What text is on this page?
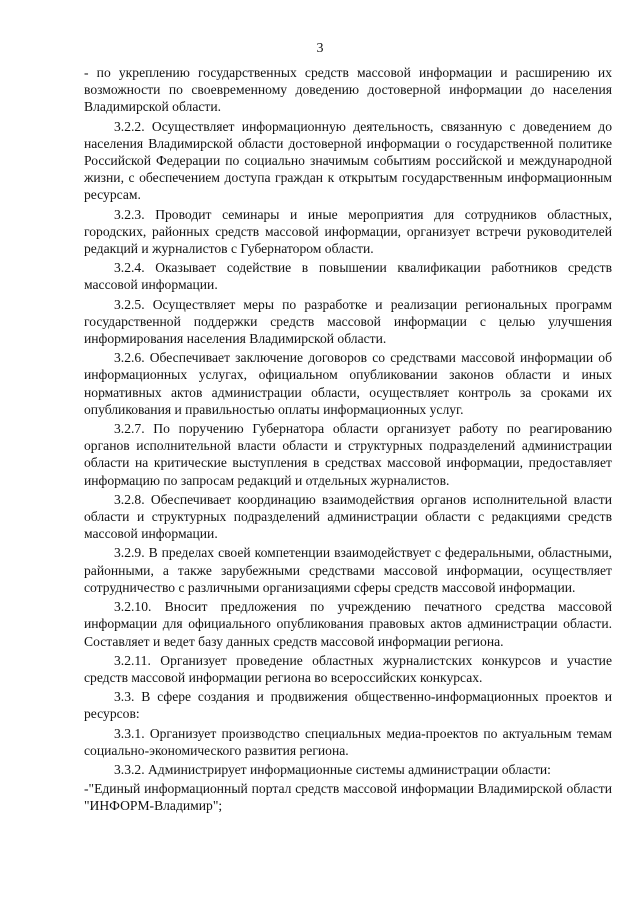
3

- по укреплению государственных средств массовой информации и расширению их возможности по своевременному доведению достоверной информации до населения Владимирской области.

3.2.2. Осуществляет информационную деятельность, связанную с доведением до населения Владимирской области достоверной информации о государственной политике Российской Федерации по социально значимым событиям российской и международной жизни, с обеспечением доступа граждан к открытым государственным информационным ресурсам.

3.2.3. Проводит семинары и иные мероприятия для сотрудников областных, городских, районных средств массовой информации, организует встречи руководителей редакций и журналистов с Губернатором области.

3.2.4. Оказывает содействие в повышении квалификации работников средств массовой информации.

3.2.5. Осуществляет меры по разработке и реализации региональных программ государственной поддержки средств массовой информации с целью улучшения информирования населения Владимирской области.

3.2.6. Обеспечивает заключение договоров со средствами массовой информации об информационных услугах, официальном опубликовании законов области и иных нормативных актов администрации области, осуществляет контроль за сроками их опубликования и правильностью оплаты информационных услуг.

3.2.7. По поручению Губернатора области организует работу по реагированию органов исполнительной власти области и структурных подразделений администрации области на критические выступления в средствах массовой информации, предоставляет информацию по запросам редакций и отдельных журналистов.

3.2.8. Обеспечивает координацию взаимодействия органов исполнительной власти области и структурных подразделений администрации области с редакциями средств массовой информации.

3.2.9. В пределах своей компетенции взаимодействует с федеральными, областными, районными, а также зарубежными средствами массовой информации, осуществляет сотрудничество с различными организациями сферы средств массовой информации.

3.2.10. Вносит предложения по учреждению печатного средства массовой информации для официального опубликования правовых актов администрации области. Составляет и ведет базу данных средств массовой информации региона.

3.2.11. Организует проведение областных журналистских конкурсов и участие средств массовой информации региона во всероссийских конкурсах.

3.3. В сфере создания и продвижения общественно-информационных проектов и ресурсов:

3.3.1. Организует производство специальных медиа-проектов по актуальным темам социально-экономического развития региона.

3.3.2. Администрирует информационные системы администрации области:

-"Единый информационный портал средств массовой информации Владимирской области "ИНФОРМ-Владимир";
